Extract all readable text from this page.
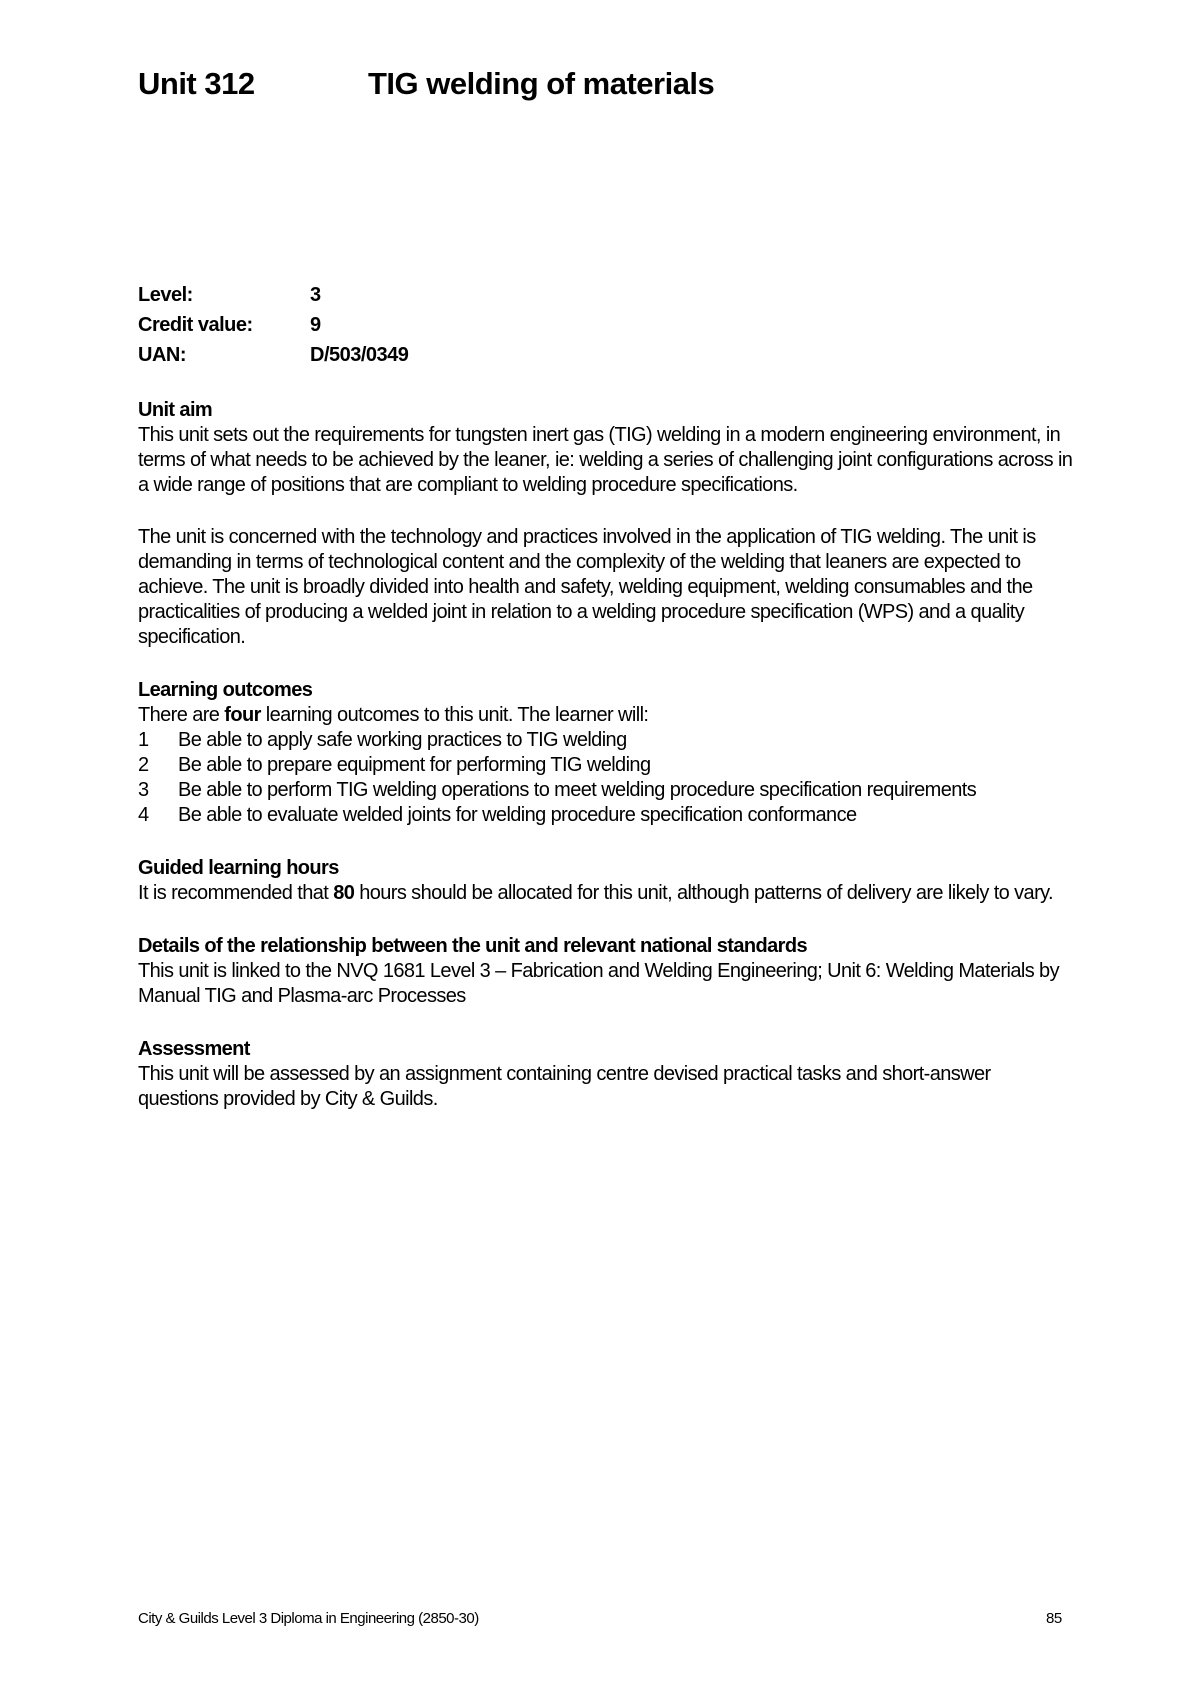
Unit 312	TIG welding of materials
Level:	3
Credit value:	9
UAN:	D/503/0349
Unit aim

This unit sets out the requirements for tungsten inert gas (TIG) welding in a modern engineering environment, in terms of what needs to be achieved by the leaner, ie: welding a series of challenging joint configurations across in a wide range of positions that are compliant to welding procedure specifications.

The unit is concerned with the technology and practices involved in the application of TIG welding. The unit is demanding in terms of technological content and the complexity of the welding that leaners are expected to achieve. The unit is broadly divided into health and safety, welding equipment, welding consumables and the practicalities of producing a welded joint in relation to a welding procedure specification (WPS) and a quality specification.

Learning outcomes

There are four learning outcomes to this unit. The learner will:

1	Be able to apply safe working practices to TIG welding
2	Be able to prepare equipment for performing TIG welding
3	Be able to perform TIG welding operations to meet welding procedure specification requirements
4	Be able to evaluate welded joints for welding procedure specification conformance
Guided learning hours

It is recommended that 80 hours should be allocated for this unit, although patterns of delivery are likely to vary.

Details of the relationship between the unit and relevant national standards

This unit is linked to the NVQ 1681 Level 3 – Fabrication and Welding Engineering; Unit 6: Welding Materials by Manual TIG and Plasma-arc Processes

Assessment

This unit will be assessed by an assignment containing centre devised practical tasks and short-answer questions provided by City & Guilds.

City & Guilds Level 3 Diploma in Engineering (2850-30)	85
